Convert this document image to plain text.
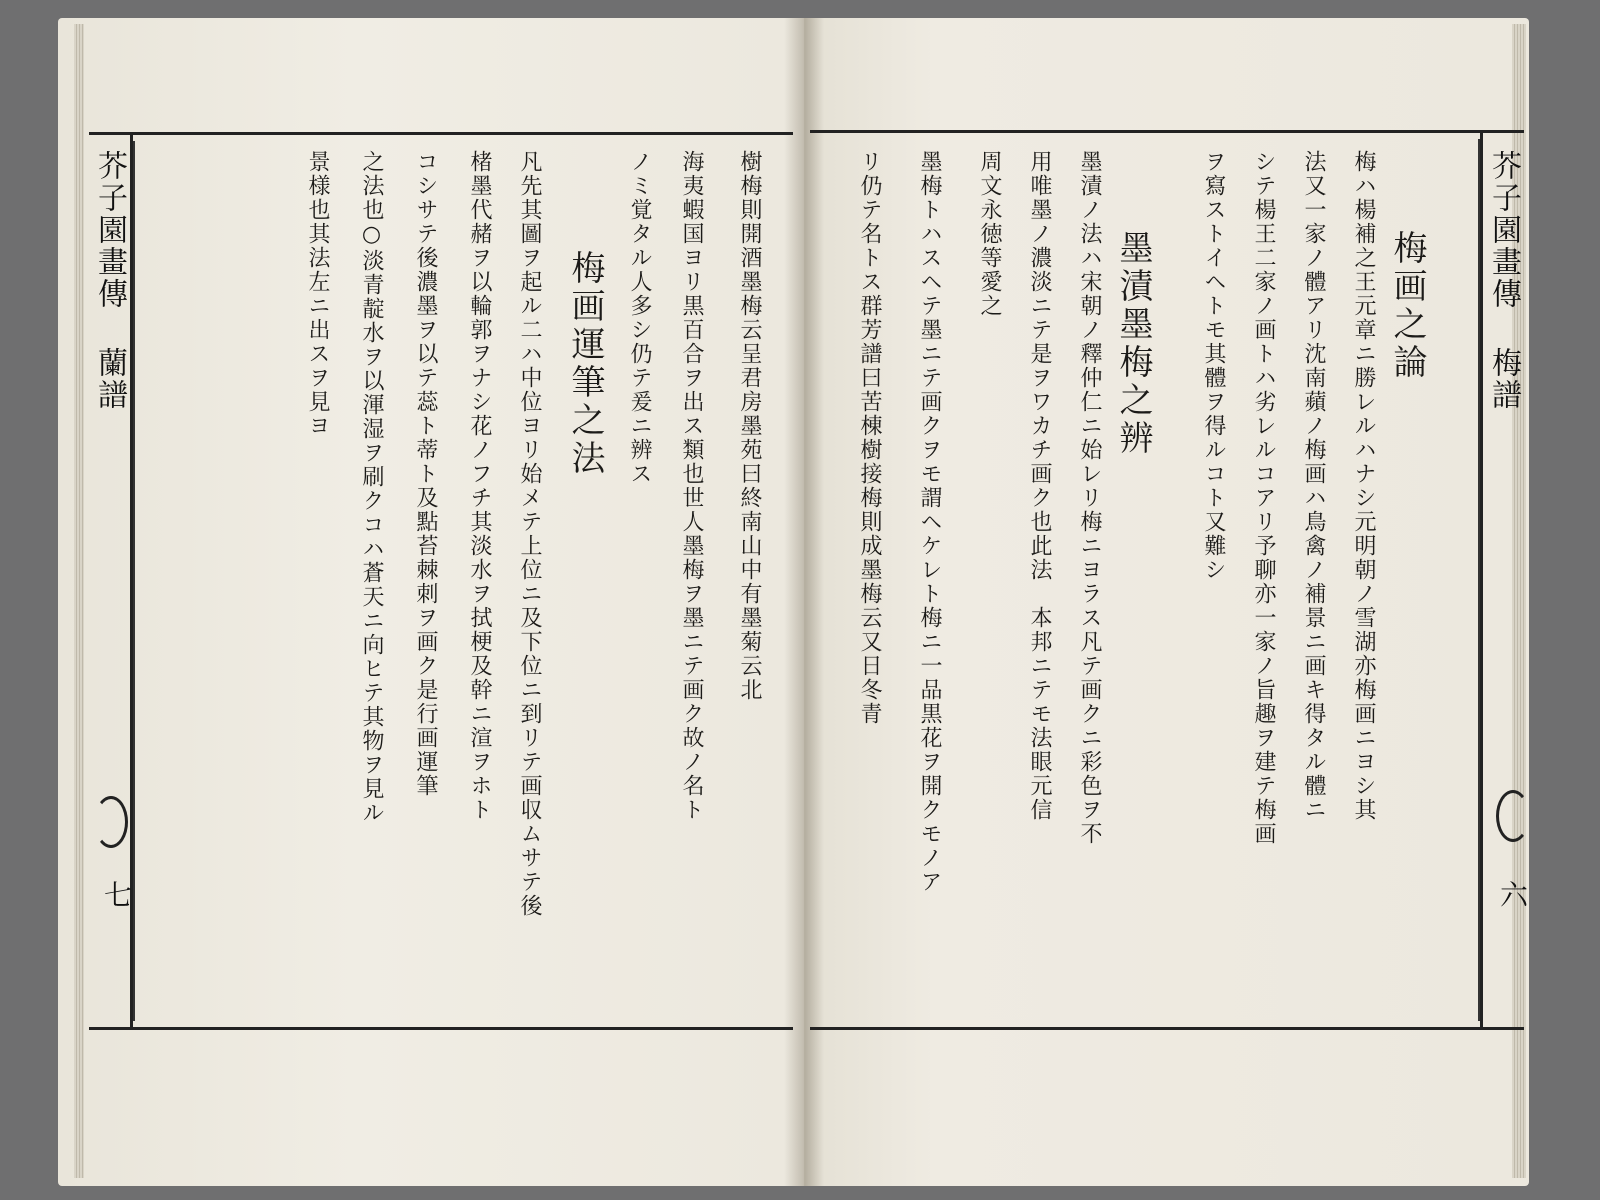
芥子園畫傳 蘭譜
七
芥子園畫傳 梅譜
六
梅画之論
梅ハ楊補之王元章ニ勝レルハナシ元明朝ノ雪湖亦梅画ニヨシ其
法又一家ノ體アリ沈南蘋ノ梅画ハ鳥禽ノ補景ニ画キ得タル體ニ
シテ楊王二家ノ画トハ劣レルコアリ予聊亦一家ノ旨趣ヲ建テ梅画
ヲ寫ストイヘトモ其體ヲ得ルコト又難シ
墨漬墨梅之辨
墨漬ノ法ハ宋朝ノ釋仲仁ニ始レリ梅ニヨラス凡テ画クニ彩色ヲ不
用唯墨ノ濃淡ニテ是ヲワカチ画ク也此法　本邦ニテモ法眼元信
周文永徳等愛之
墨梅トハスヘテ墨ニテ画クヲモ謂ヘケレト梅ニ一品黒花ヲ開クモノア
リ仍テ名トス群芳譜曰苦棟樹接梅則成墨梅云又日冬青
樹梅則開酒墨梅云呈君房墨苑曰終南山中有墨菊云北
海夷蝦国ヨリ黒百合ヲ出ス類也世人墨梅ヲ墨ニテ画ク故ノ名ト
ノミ覚タル人多シ仍テ爰ニ辨ス
梅画運筆之法
凡先其圖ヲ起ル二ハ中位ヨリ始メテ上位ニ及下位ニ到リテ画収ムサテ後
楮墨代赭ヲ以輪郭ヲナシ花ノフチ其淡水ヲ拭梗及幹ニ渲ヲホト
コシサテ後濃墨ヲ以テ蕊ト蒂ト及點苔棘刺ヲ画ク是行画運筆
之法也○淡青靛水ヲ以渾湿ヲ刷クコハ蒼天ニ向ヒテ其物ヲ見ル
景様也其法左ニ出スヲ見ヨ
